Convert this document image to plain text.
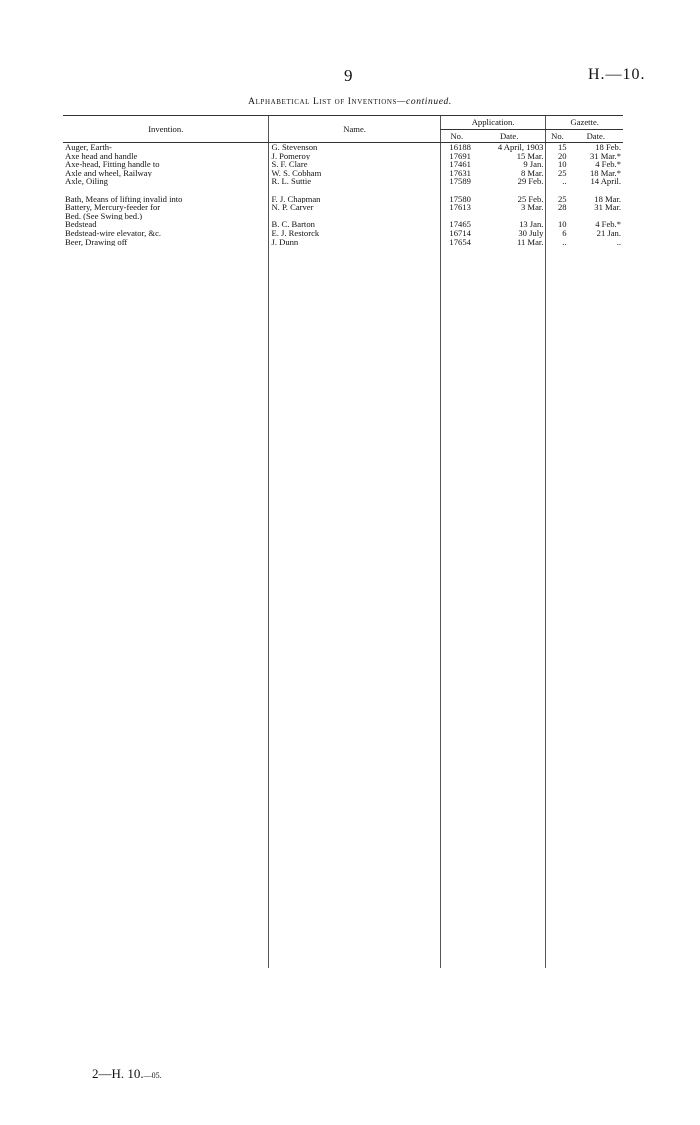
9	H.—10.
Alphabetical List of Inventions—continued.
Invention.	Name.	Application.		Gazette.	
		No.	Date.	No.	Date.
Auger, Earth-	G. Stevenson	16188	4 April, 1903	15	18 Feb.
Axe head and handle	J. Pomeroy	17691	15 Mar.	20	31 Mar.*
Axe-head, Fitting handle to	S. F. Clare	17461	9 Jan.	10	4 Feb.*
Axle and wheel, Railway	W. S. Cobham	17631	8 Mar.	25	18 Mar.*
Axle, Oiling	R. L. Suttie	17589	29 Feb.	..	14 April.

Bath, Means of lifting invalid into	F. J. Chapman	17580	25 Feb.	25	18 Mar.
Battery, Mercury-feeder for	N. P. Carver	17613	3 Mar.	28	31 Mar.
Bed. (See Swing bed.)					
Bedstead	B. C. Barton	17465	13 Jan.	10	4 Feb.*
Bedstead-wire elevator, &c.	E. J. Restorck	16714	30 July	6	21 Jan.
Beer, Drawing off	J. Dunn	17654	11 Mar.	..	..

2—H. 10.—05.
